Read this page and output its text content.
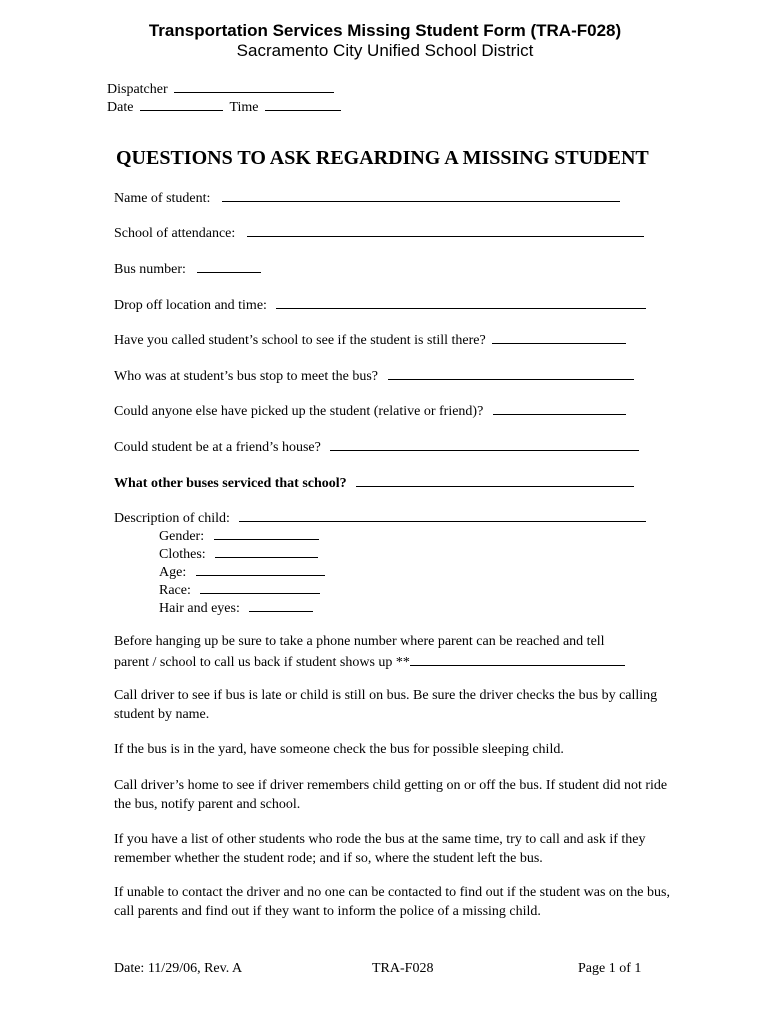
Transportation Services Missing Student Form (TRA-F028)
Sacramento City Unified School District
Dispatcher
Date	Time
QUESTIONS TO ASK REGARDING A MISSING STUDENT
Name of student:
School of attendance:
Bus number:
Drop off location and time:
Have you called student’s school to see if the student is still there?
Who was at student’s bus stop to meet the bus?
Could anyone else have picked up the student (relative or friend)?
Could student be at a friend’s house?
What other buses serviced that school?
Description of child:
Gender:
Clothes:
Age:
Race:
Hair and eyes:
Before hanging up be sure to take a phone number where parent can be reached and tell
parent / school to call us back if student shows up **
Call driver to see if bus is late or child is still on bus. Be sure the driver checks the bus by calling student by name.
If the bus is in the yard, have someone check the bus for possible sleeping child.
Call driver’s home to see if driver remembers child getting on or off the bus. If student did not ride the bus, notify parent and school.
If you have a list of other students who rode the bus at the same time, try to call and ask if they remember whether the student rode; and if so, where the student left the bus.
If unable to contact the driver and no one can be contacted to find out if the student was on the bus, call parents and find out if they want to inform the police of a missing child.
Date: 11/29/06, Rev. A	TRA-F028	Page 1 of 1
